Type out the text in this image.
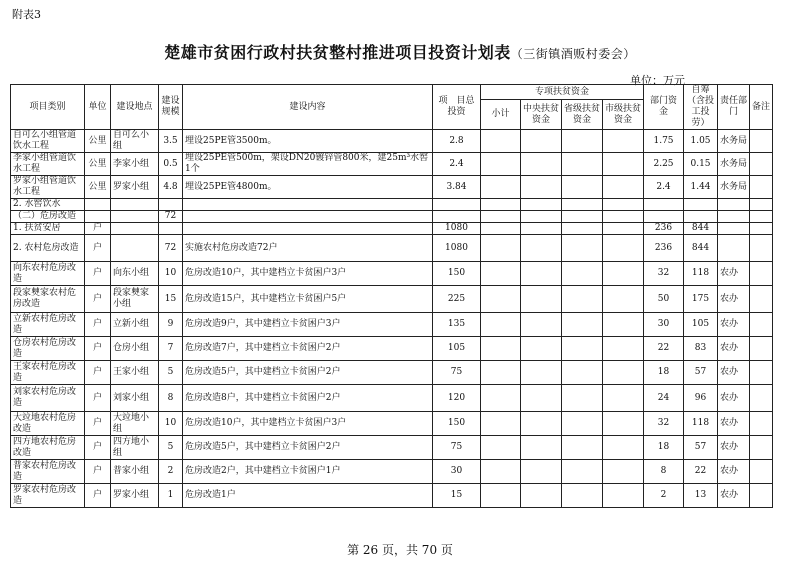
附表3
楚雄市贫困行政村扶贫整村推进项目投资计划表（三街镇酒贩村委会）
单位：万元
项目类别	单位	建设地点	建设规模	建设内容	项　目总投资	专项扶贫资金				部门资金	自筹（含投工投劳）	责任部门	备注
						小计	中央扶贫资金	省级扶贫资金	市级扶贫资金				
自可么小组管道饮水工程	公里	自可么小组	3.5	埋设25PE管3500m。	2.8					1.75	1.05	水务局	
李家小组管道饮水工程	公里	李家小组	0.5	埋设25PE管500m，架设DN20镀锌管800米，建25m³水窖1个	2.4					2.25	0.15	水务局	
罗家小组管道饮水工程	公里	罗家小组	4.8	埋设25PE管4800m。	3.84					2.4	1.44	水务局	
2. 水窖饮水													
（二）危房改造			72										
1. 扶贫安居	户				1080					236	844		
2. 农村危房改造	户		72	实施农村危房改造72户	1080					236	844		
向东农村危房改造	户	向东小组	10	危房改造10户，其中建档立卡贫困户3户	150					32	118	农办	
段家僰家农村危房改造	户	段家僰家小组	15	危房改造15户，其中建档立卡贫困户5户	225					50	175	农办	
立新农村危房改造	户	立新小组	9	危房改造9户，其中建档立卡贫困户3户	135					30	105	农办	
仓房农村危房改造	户	仓房小组	7	危房改造7户，其中建档立卡贫困户2户	105					22	83	农办	
王家农村危房改造	户	王家小组	5	危房改造5户，其中建档立卡贫困户2户	75					18	57	农办	
刘家农村危房改造	户	刘家小组	8	危房改造8户，其中建档立卡贫困户2户	120					24	96	农办	
大竝地农村危房改造	户	大竝地小组	10	危房改造10户，其中建档立卡贫困户3户	150					32	118	农办	
四方地农村危房改造	户	四方地小组	5	危房改造5户，其中建档立卡贫困户2户	75					18	57	农办	
普家农村危房改造	户	普家小组	2	危房改造2户，其中建档立卡贫困户1户	30					8	22	农办	
罗家农村危房改造	户	罗家小组	1	危房改造1户	15					2	13	农办	
第 26 页，共 70 页
